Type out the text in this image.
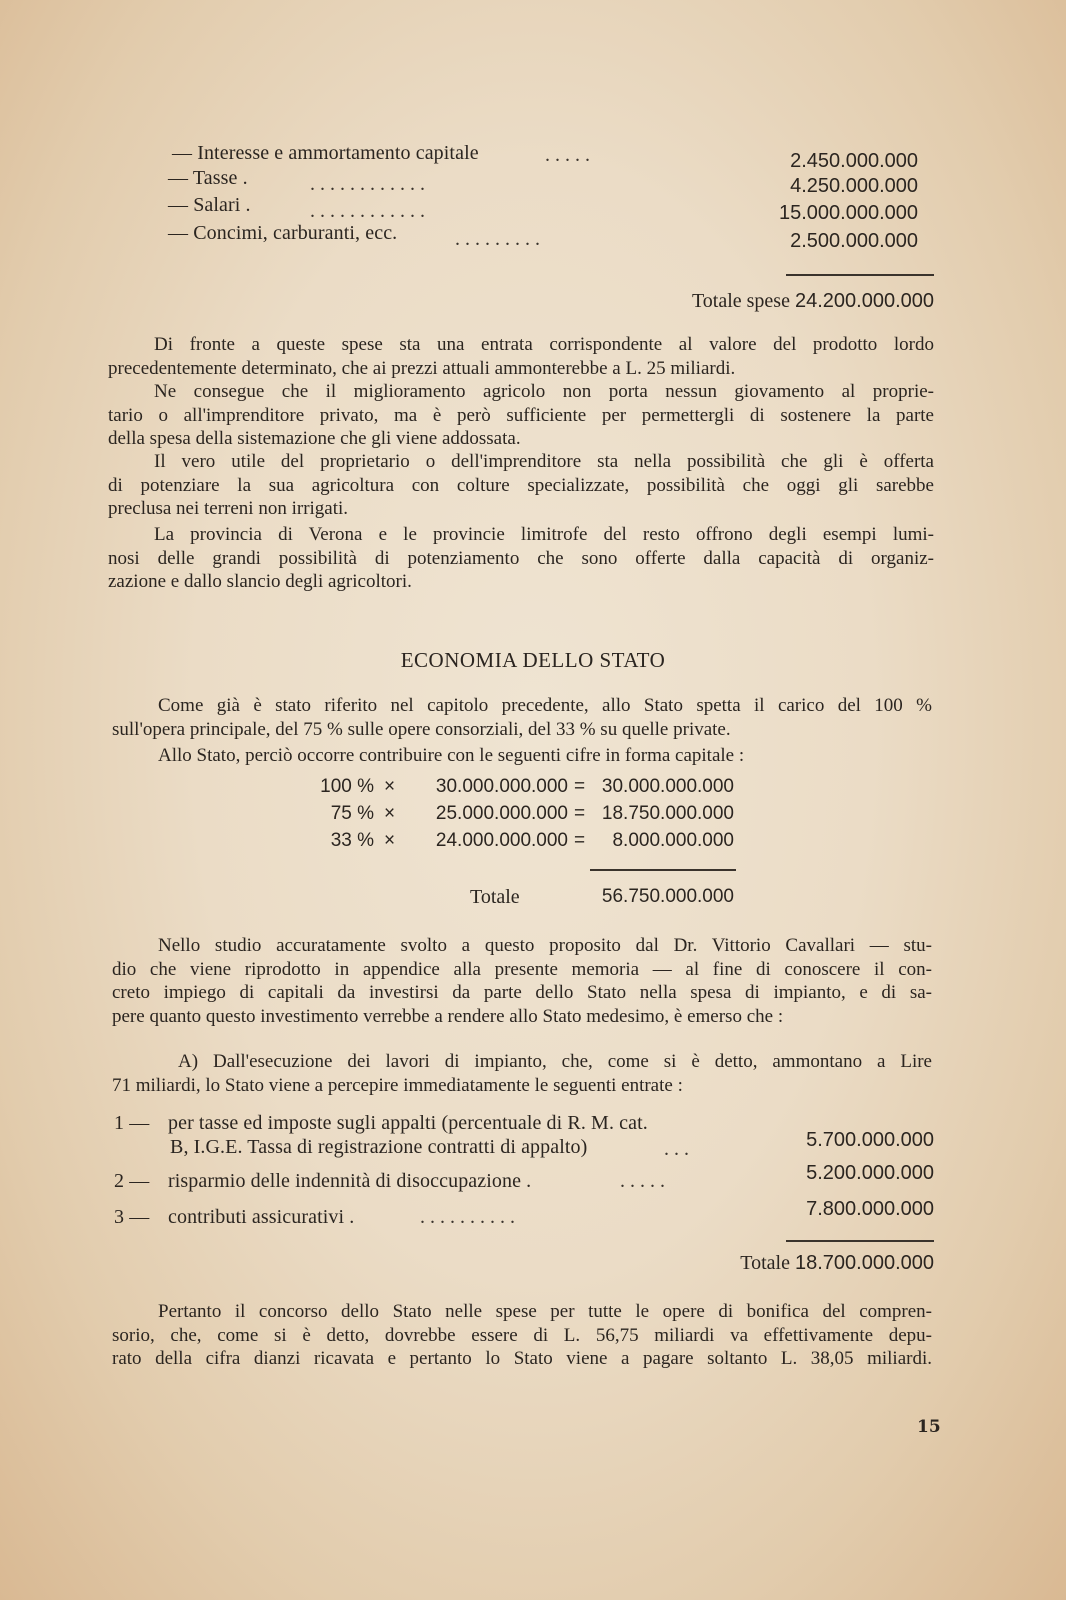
— Interesse e ammortamento capitale	. . . . .	2.450.000.000
— Tasse .	. . . . . . . . . . . .	4.250.000.000
— Salari .	. . . . . . . . . . . .	15.000.000.000
— Concimi, carburanti, ecc.	. . . . . . . . .	2.500.000.000
Totale spese 24.200.000.000
Di fronte a queste spese sta una entrata corrispondente al valore del prodotto lordo
precedentemente determinato, che ai prezzi attuali ammonterebbe a L. 25 miliardi.
Ne consegue che il miglioramento agricolo non porta nessun giovamento al proprie-
tario o all'imprenditore privato, ma è però sufficiente per permettergli di sostenere la parte
della spesa della sistemazione che gli viene addossata.
Il vero utile del proprietario o dell'imprenditore sta nella possibilità che gli è offerta
di potenziare la sua agricoltura con colture specializzate, possibilità che oggi gli sarebbe
preclusa nei terreni non irrigati.
La provincia di Verona e le provincie limitrofe del resto offrono degli esempi lumi-
nosi delle grandi possibilità di potenziamento che sono offerte dalla capacità di organiz-
zazione e dallo slancio degli agricoltori.
ECONOMIA DELLO STATO
Come già è stato riferito nel capitolo precedente, allo Stato spetta il carico del 100 %
sull'opera principale, del 75 % sulle opere consorziali, del 33 % su quelle private.
Allo Stato, perciò occorre contribuire con le seguenti cifre in forma capitale :
100 % × 30.000.000.000 = 30.000.000.000
75 % × 25.000.000.000 = 18.750.000.000
33 % × 24.000.000.000 = 8.000.000.000
Totale	56.750.000.000
Nello studio accuratamente svolto a questo proposito dal Dr. Vittorio Cavallari — stu-
dio che viene riprodotto in appendice alla presente memoria — al fine di conoscere il con-
creto impiego di capitali da investirsi da parte dello Stato nella spesa di impianto, e di sa-
pere quanto questo investimento verrebbe a rendere allo Stato medesimo, è emerso che :
A) Dall'esecuzione dei lavori di impianto, che, come si è detto, ammontano a Lire
71 miliardi, lo Stato viene a percepire immediatamente le seguenti entrate :
1 — per tasse ed imposte sugli appalti (percentuale di R. M. cat.
B, I.G.E. Tassa di registrazione contratti di appalto)	. . .	5.700.000.000
2 — risparmio delle indennità di disoccupazione .	. . . . .	5.200.000.000
3 — contributi assicurativi .	. . . . . . . . . .	7.800.000.000
Totale 18.700.000.000
Pertanto il concorso dello Stato nelle spese per tutte le opere di bonifica del compren-
sorio, che, come si è detto, dovrebbe essere di L. 56,75 miliardi va effettivamente depu-
rato della cifra dianzi ricavata e pertanto lo Stato viene a pagare soltanto L. 38,05 miliardi.
15
